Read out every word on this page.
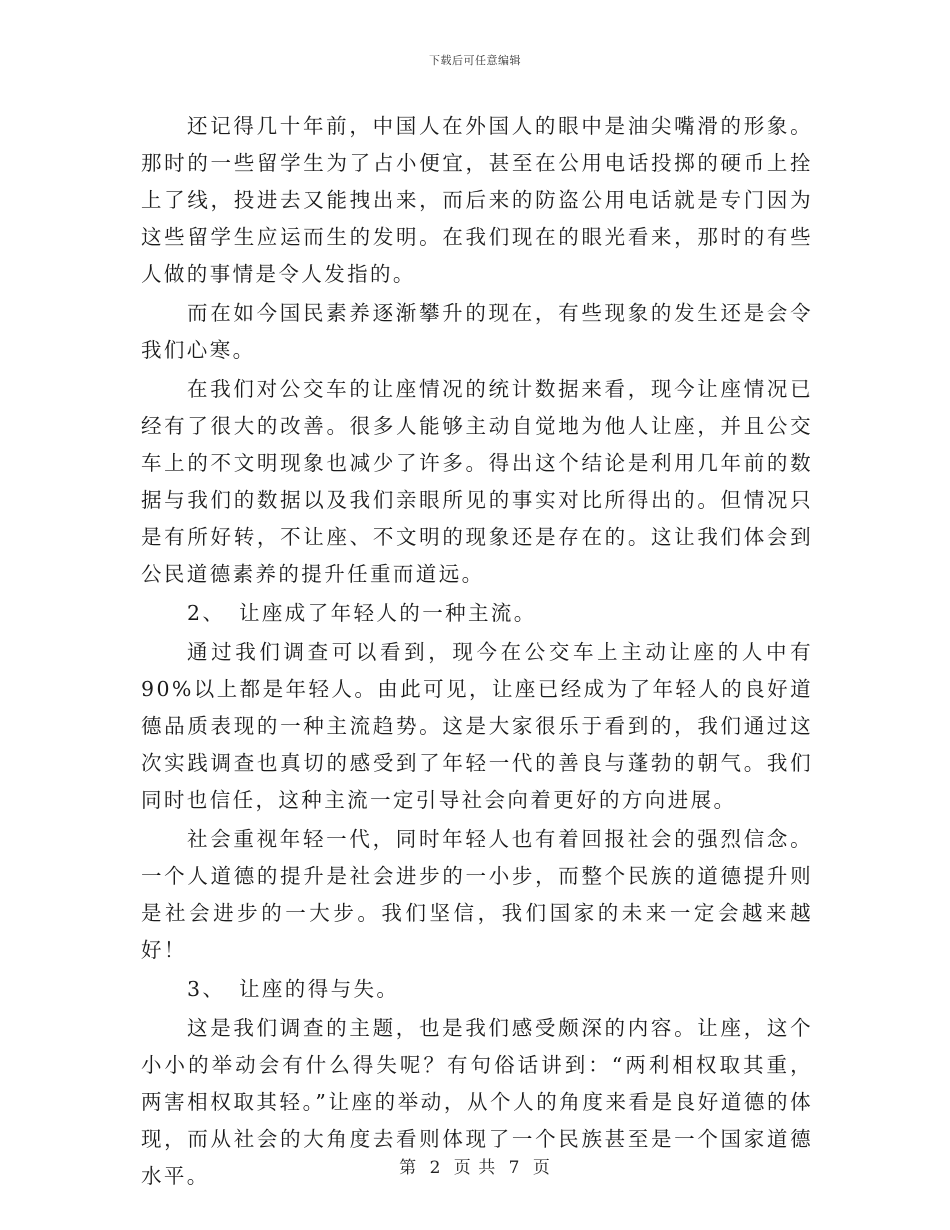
下载后可任意编辑

还记得几十年前，中国人在外国人的眼中是油尖嘴滑的形象。那时的一些留学生为了占小便宜，甚至在公用电话投掷的硬币上拴上了线，投进去又能拽出来，而后来的防盗公用电话就是专门因为这些留学生应运而生的发明。在我们现在的眼光看来，那时的有些人做的事情是令人发指的。

而在如今国民素养逐渐攀升的现在，有些现象的发生还是会令我们心寒。

在我们对公交车的让座情况的统计数据来看，现今让座情况已经有了很大的改善。很多人能够主动自觉地为他人让座，并且公交车上的不文明现象也减少了许多。得出这个结论是利用几年前的数据与我们的数据以及我们亲眼所见的事实对比所得出的。但情况只是有所好转，不让座、不文明的现象还是存在的。这让我们体会到公民道德素养的提升任重而道远。

2、 让座成了年轻人的一种主流。

通过我们调查可以看到，现今在公交车上主动让座的人中有90%以上都是年轻人。由此可见，让座已经成为了年轻人的良好道德品质表现的一种主流趋势。这是大家很乐于看到的，我们通过这次实践调查也真切的感受到了年轻一代的善良与蓬勃的朝气。我们同时也信任，这种主流一定引导社会向着更好的方向进展。

社会重视年轻一代，同时年轻人也有着回报社会的强烈信念。一个人道德的提升是社会进步的一小步，而整个民族的道德提升则是社会进步的一大步。我们坚信，我们国家的未来一定会越来越好！

3、 让座的得与失。

这是我们调查的主题，也是我们感受颇深的内容。让座，这个小小的举动会有什么得失呢？有句俗话讲到：“两利相权取其重，两害相权取其轻。”让座的举动，从个人的角度来看是良好道德的体现，而从社会的大角度去看则体现了一个民族甚至是一个国家道德水平。	第 2 页 共 7 页
